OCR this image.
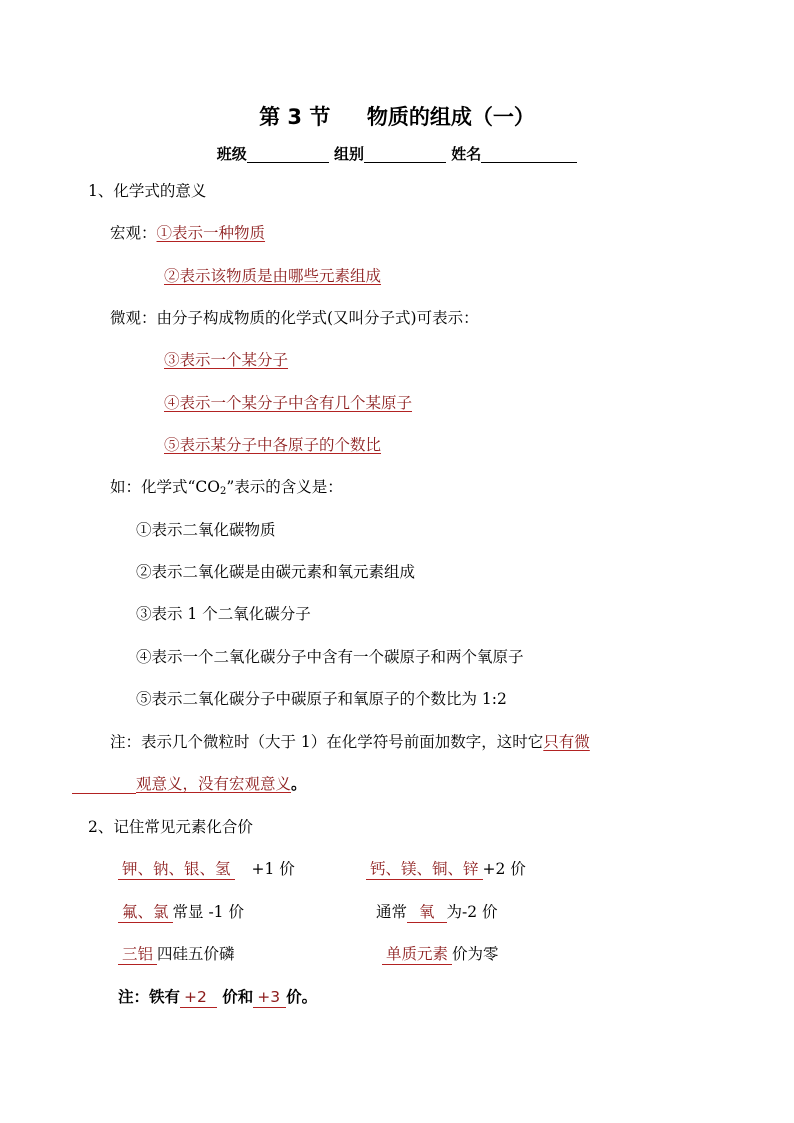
第 3 节     物质的组成（一）
班级	组别	姓名
1、化学式的意义
宏观：①表示一种物质
②表示该物质是由哪些元素组成
微观：由分子构成物质的化学式(又叫分子式)可表示：
③表示一个某分子
④表示一个某分子中含有几个某原子
⑤表示某分子中各原子的个数比
如：化学式“$CO_2$”表示的含义是：
①表示二氧化碳物质
②表示二氧化碳是由碳元素和氧元素组成
③表示 1 个二氧化碳分子
④表示一个二氧化碳分子中含有一个碳原子和两个氧原子
⑤表示二氧化碳分子中碳原子和氧原子的个数比为 1:2
注：表示几个微粒时（大于 1）在化学符号前面加数字，这时它只有微
观意义，没有宏观意义。
2、记住常见元素化合价
钾、钠、银、氢 +1 价	钙、镁、铜、锌 +2 价
氟、氯 常显 -1 价	通常 氧 为-2 价
三铝 四硅五价磷	单质元素 价为零
注：铁有 +2 价和 +3 价。
